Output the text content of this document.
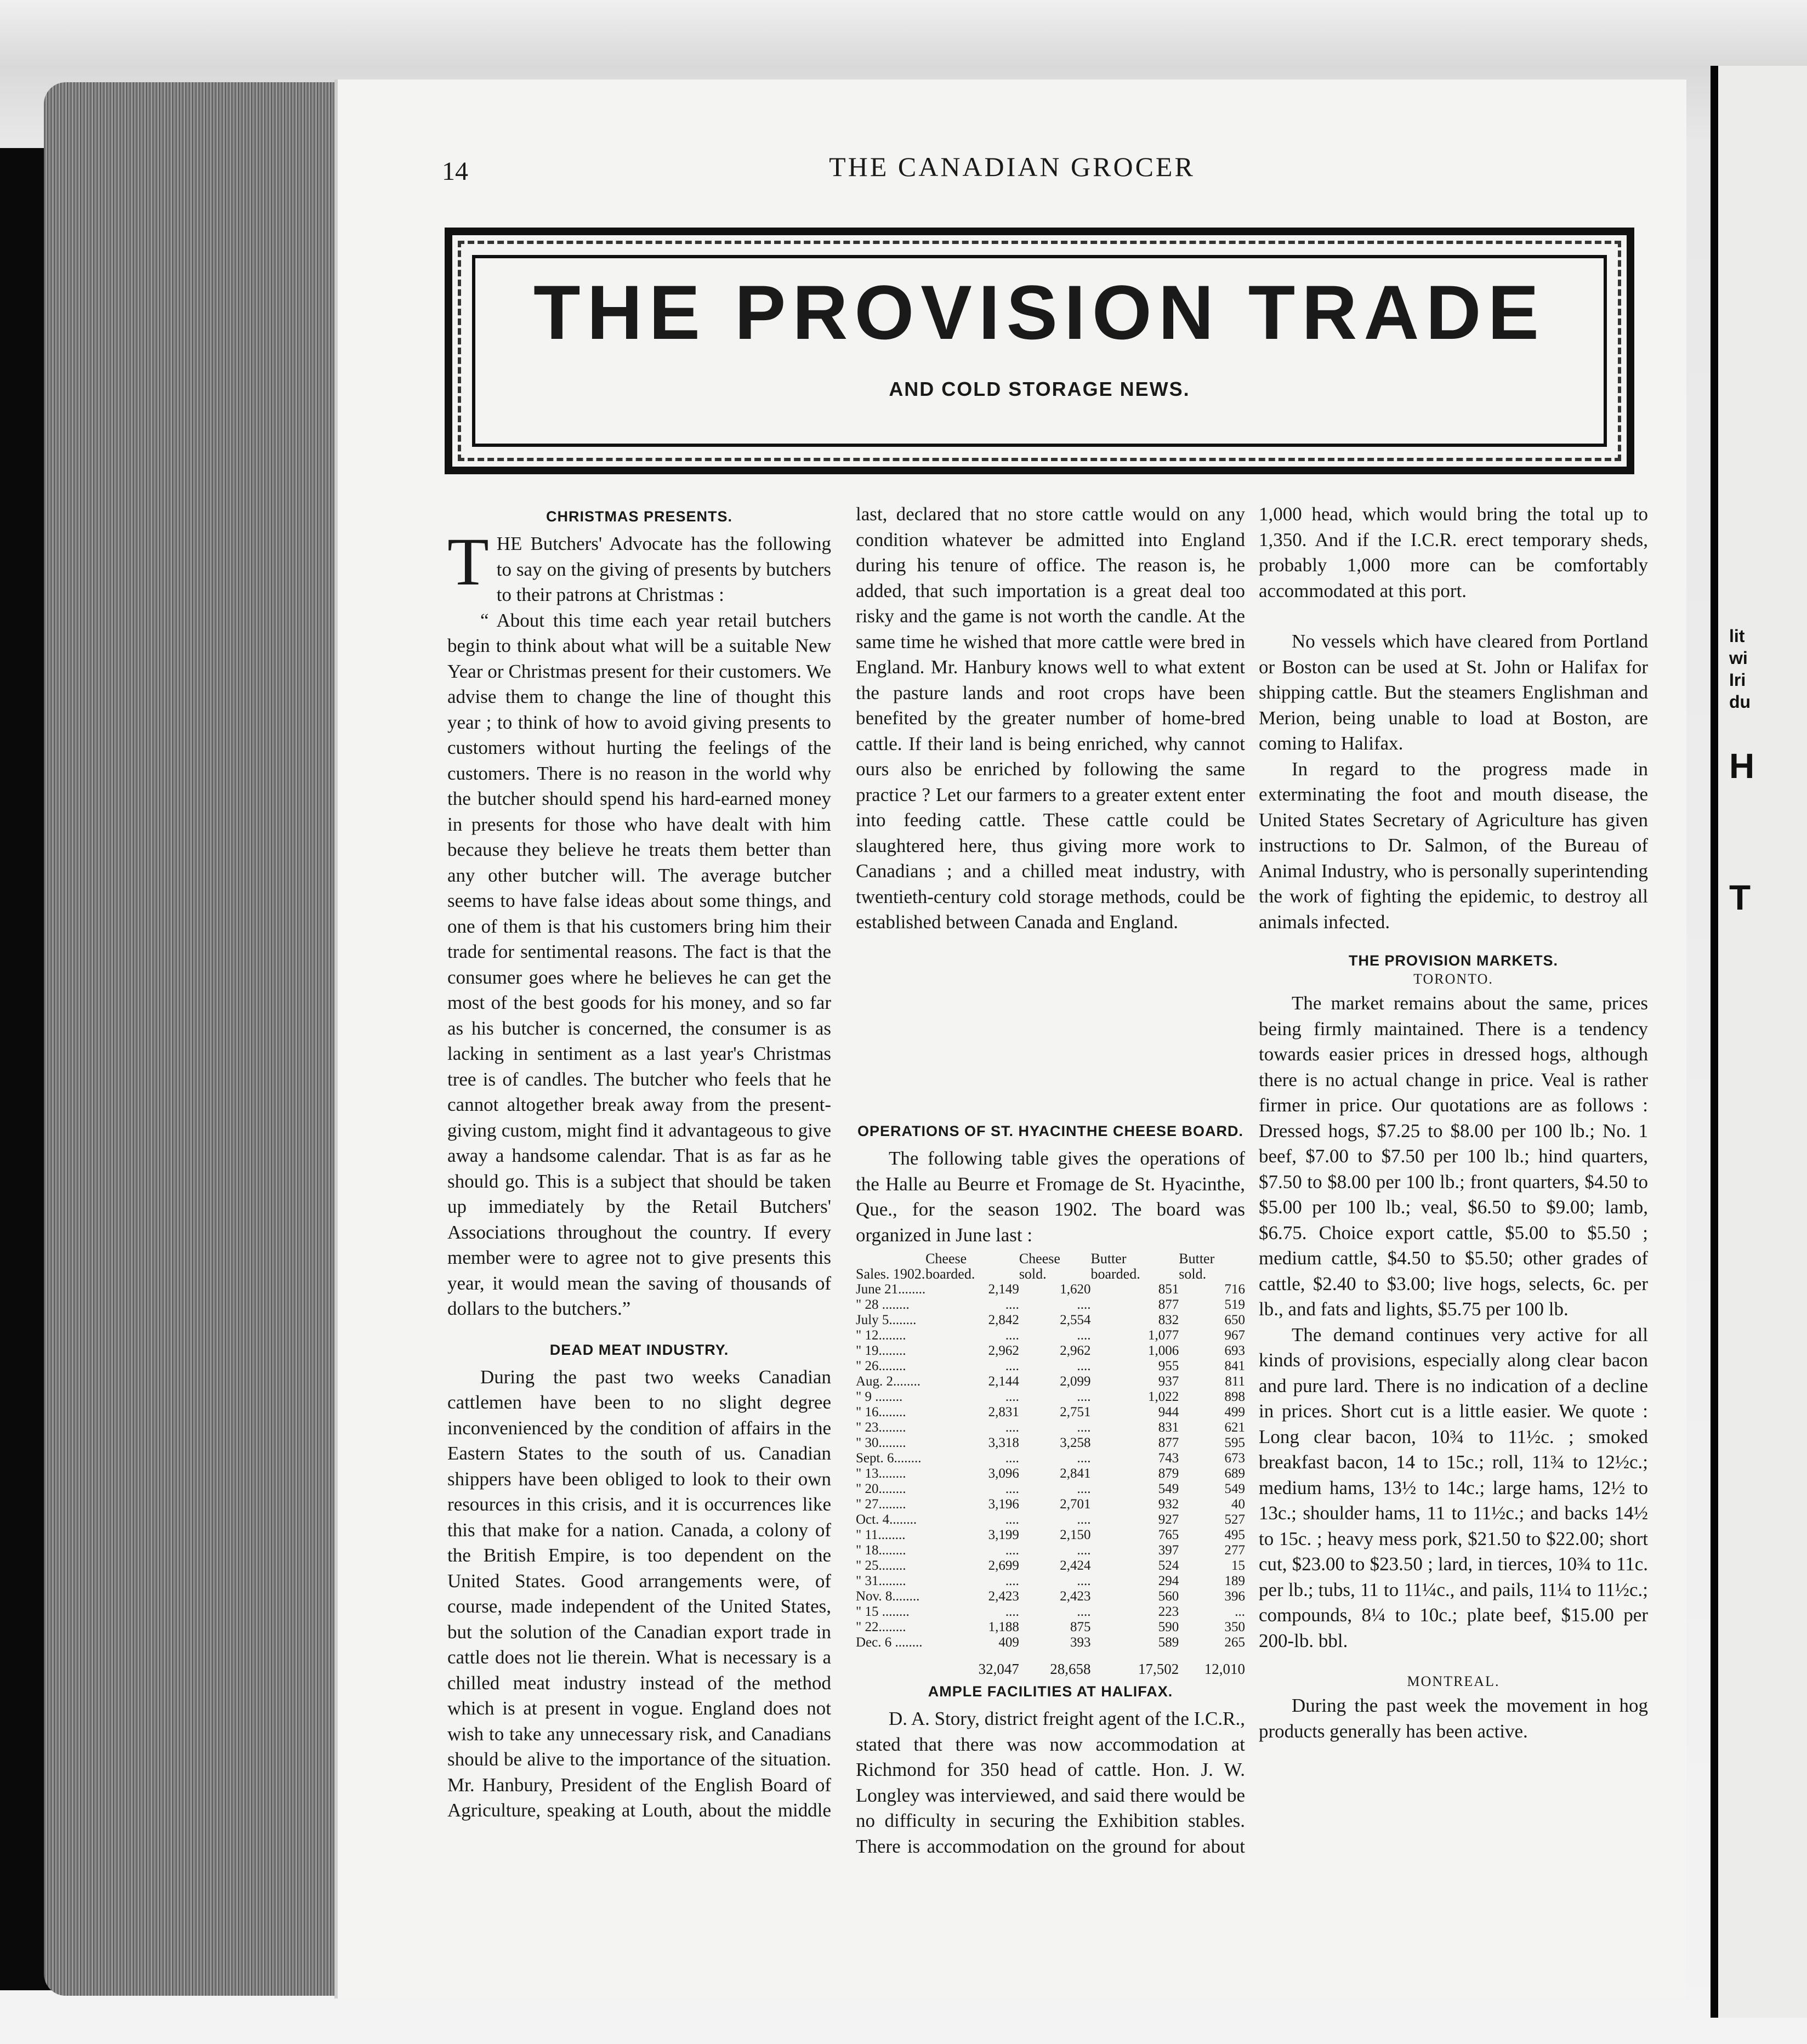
lit
wi
Iri
du
H
T
14	THE CANADIAN GROCER
THE PROVISION TRADE
AND COLD STORAGE NEWS.
CHRISTMAS PRESENTS.

THE Butchers' Advocate has the following to say on the giving of presents by butchers to their patrons at Christmas :

“ About this time each year retail butchers begin to think about what will be a suitable New Year or Christmas present for their customers. We advise them to change the line of thought this year ; to think of how to avoid giving presents to customers without hurting the feelings of the customers. There is no reason in the world why the butcher should spend his hard-earned money in presents for those who have dealt with him because they believe he treats them better than any other butcher will. The average butcher seems to have false ideas about some things, and one of them is that his customers bring him their trade for sentimental reasons. The fact is that the consumer goes where he believes he can get the most of the best goods for his money, and so far as his butcher is concerned, the consumer is as lacking in sentiment as a last year's Christmas tree is of candles. The butcher who feels that he cannot altogether break away from the present-giving custom, might find it advantageous to give away a handsome calendar. That is as far as he should go. This is a subject that should be taken up immediately by the Retail Butchers' Associations throughout the country. If every member were to agree not to give presents this year, it would mean the saving of thousands of dollars to the butchers.”

DEAD MEAT INDUSTRY.

During the past two weeks Canadian cattlemen have been to no slight degree inconvenienced by the condition of affairs in the Eastern States to the south of us. Canadian shippers have been obliged to look to their own resources in this crisis, and it is occurrences like this that make for a nation. Canada, a colony of the British Empire, is too dependent on the United States. Good arrangements were, of course, made independent of the United States, but the solution of the Canadian export trade in cattle does not lie therein. What is necessary is a chilled meat industry instead of the method which is at present in vogue. England does not wish to take any unnecessary risk, and Canadians should be alive to the importance of the situation. Mr. Hanbury, President of the English Board of Agriculture, speaking at Louth, about the middle

last, declared that no store cattle would on any condition whatever be admitted into England during his tenure of office. The reason is, he added, that such importation is a great deal too risky and the game is not worth the candle. At the same time he wished that more cattle were bred in England. Mr. Hanbury knows well to what extent the pasture lands and root crops have been benefited by the greater number of home-bred cattle. If their land is being enriched, why cannot ours also be enriched by following the same practice ? Let our farmers to a greater extent enter into feeding cattle. These cattle could be slaughtered here, thus giving more work to Canadians ; and a chilled meat industry, with twentieth-century cold storage methods, could be established between Canada and England.

OPERATIONS OF ST. HYACINTHE CHEESE BOARD.

The following table gives the operations of the Halle au Beurre et Fromage de St. Hyacinthe, Que., for the season 1902. The board was organized in June last :

Sales. 1902.	Cheese boarded.	Cheese sold.	Butter boarded.	Butter sold.
June 21........	2,149	1,620	851	716
" 28 ........	....	....	877	519
July 5........	2,842	2,554	832	650
" 12........	....	....	1,077	967
" 19........	2,962	2,962	1,006	693
" 26........	....	....	955	841
Aug. 2........	2,144	2,099	937	811
" 9 ........	....	....	1,022	898
" 16........	2,831	2,751	944	499
" 23........	....	....	831	621
" 30........	3,318	3,258	877	595
Sept. 6........	....	....	743	673
" 13........	3,096	2,841	879	689
" 20........	....	....	549	549
" 27........	3,196	2,701	932	40
Oct. 4........	....	....	927	527
" 11........	3,199	2,150	765	495
" 18........	....	....	397	277
" 25........	2,699	2,424	524	15
" 31........	....	....	294	189
Nov. 8........	2,423	2,423	560	396
" 15 ........	....	....	223	...
" 22........	1,188	875	590	350
Dec. 6 ........	409	393	589	265
	32,047	28,658	17,502	12,010
AMPLE FACILITIES AT HALIFAX.

D. A. Story, district freight agent of the I.C.R., stated that there was now accommodation at Richmond for 350 head of cattle. Hon. J. W. Longley was interviewed, and said there would be no difficulty in securing the Exhibition stables. There is accommodation on the ground for about

1,000 head, which would bring the total up to 1,350. And if the I.C.R. erect temporary sheds, probably 1,000 more can be comfortably accommodated at this port.

No vessels which have cleared from Portland or Boston can be used at St. John or Halifax for shipping cattle. But the steamers Englishman and Merion, being unable to load at Boston, are coming to Halifax.

In regard to the progress made in exterminating the foot and mouth disease, the United States Secretary of Agriculture has given instructions to Dr. Salmon, of the Bureau of Animal Industry, who is personally superintending the work of fighting the epidemic, to destroy all animals infected.

THE PROVISION MARKETS.
TORONTO.

The market remains about the same, prices being firmly maintained. There is a tendency towards easier prices in dressed hogs, although there is no actual change in price. Veal is rather firmer in price. Our quotations are as follows : Dressed hogs, $7.25 to $8.00 per 100 lb.; No. 1 beef, $7.00 to $7.50 per 100 lb.; hind quarters, $7.50 to $8.00 per 100 lb.; front quarters, $4.50 to $5.00 per 100 lb.; veal, $6.50 to $9.00; lamb, $6.75. Choice export cattle, $5.00 to $5.50 ; medium cattle, $4.50 to $5.50; other grades of cattle, $2.40 to $3.00; live hogs, selects, 6c. per lb., and fats and lights, $5.75 per 100 lb.

The demand continues very active for all kinds of provisions, especially along clear bacon and pure lard. There is no indication of a decline in prices. Short cut is a little easier. We quote : Long clear bacon, 10¾ to 11½c. ; smoked breakfast bacon, 14 to 15c.; roll, 11¾ to 12½c.; medium hams, 13½ to 14c.; large hams, 12½ to 13c.; shoulder hams, 11 to 11½c.; and backs 14½ to 15c. ; heavy mess pork, $21.50 to $22.00; short cut, $23.00 to $23.50 ; lard, in tierces, 10¾ to 11c. per lb.; tubs, 11 to 11¼c., and pails, 11¼ to 11½c.; compounds, 8¼ to 10c.; plate beef, $15.00 per 200-lb. bbl.

MONTREAL.

During the past week the movement in hog products generally has been active.
